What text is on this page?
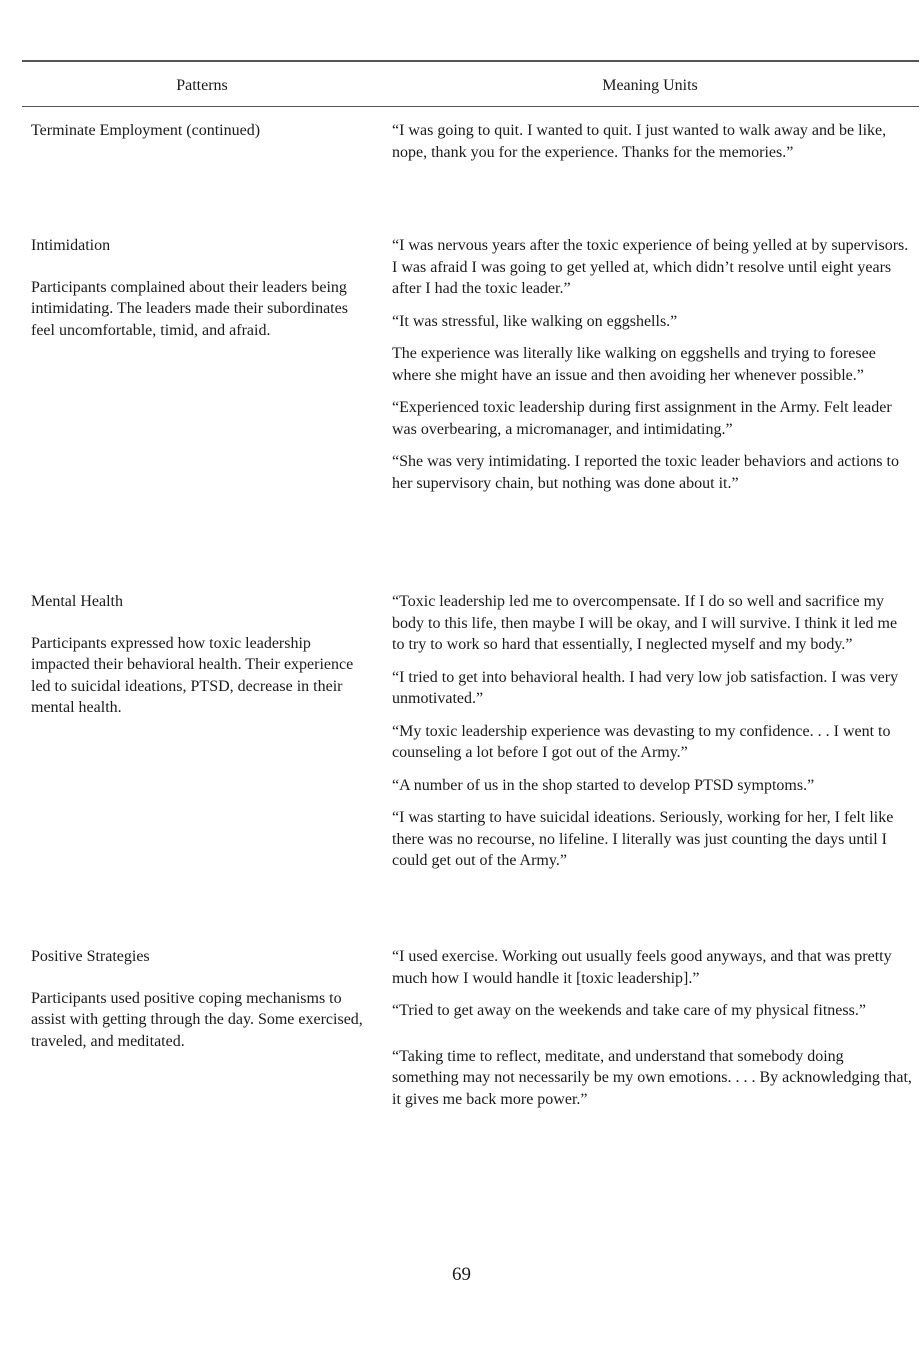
Patterns	Meaning Units
Terminate Employment (continued)	“I was going to quit. I wanted to quit. I just wanted to walk away and be like, nope, thank you for the experience. Thanks for the memories.”

Intimidation
Participants complained about their leaders being intimidating. The leaders made their subordinates feel uncomfortable, timid, and afraid.

“I was nervous years after the toxic experience of being yelled at by supervisors. I was afraid I was going to get yelled at, which didn’t resolve until eight years after I had the toxic leader.”

“It was stressful, like walking on eggshells.”

The experience was literally like walking on eggshells and trying to foresee where she might have an issue and then avoiding her whenever possible.”

“Experienced toxic leadership during first assignment in the Army. Felt leader was overbearing, a micromanager, and intimidating.”

“She was very intimidating. I reported the toxic leader behaviors and actions to her supervisory chain, but nothing was done about it.”

Mental Health
Participants expressed how toxic leadership impacted their behavioral health. Their experience led to suicidal ideations, PTSD, decrease in their mental health.

“Toxic leadership led me to overcompensate. If I do so well and sacrifice my body to this life, then maybe I will be okay, and I will survive. I think it led me to try to work so hard that essentially, I neglected myself and my body.”

“I tried to get into behavioral health. I had very low job satisfaction. I was very unmotivated.”

“My toxic leadership experience was devasting to my confidence. . . I went to counseling a lot before I got out of the Army.”

“A number of us in the shop started to develop PTSD symptoms.”

“I was starting to have suicidal ideations. Seriously, working for her, I felt like there was no recourse, no lifeline. I literally was just counting the days until I could get out of the Army.”

Positive Strategies
Participants used positive coping mechanisms to assist with getting through the day. Some exercised, traveled, and meditated.

“I used exercise. Working out usually feels good anyways, and that was pretty much how I would handle it [toxic leadership].”

“Tried to get away on the weekends and take care of my physical fitness.”

“Taking time to reflect, meditate, and understand that somebody doing something may not necessarily be my own emotions. . . . By acknowledging that, it gives me back more power.”

69
